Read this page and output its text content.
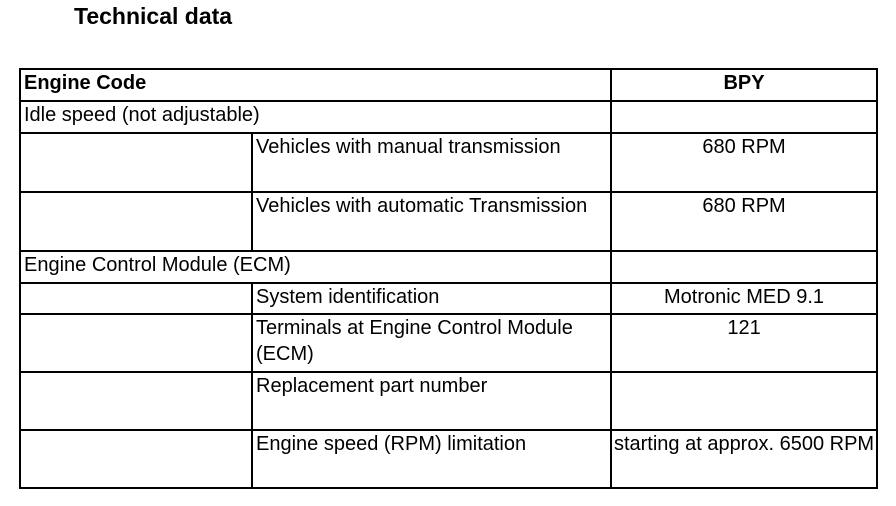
Technical data
Engine Code		BPY
Idle speed (not adjustable)		
	Vehicles with manual transmission	680 RPM
	Vehicles with automatic Transmission	680 RPM
Engine Control Module (ECM)		
	System identification	Motronic MED 9.1
	Terminals at Engine Control Module (ECM)	121
	Replacement part number	
	Engine speed (RPM) limitation	starting at approx. 6500 RPM
